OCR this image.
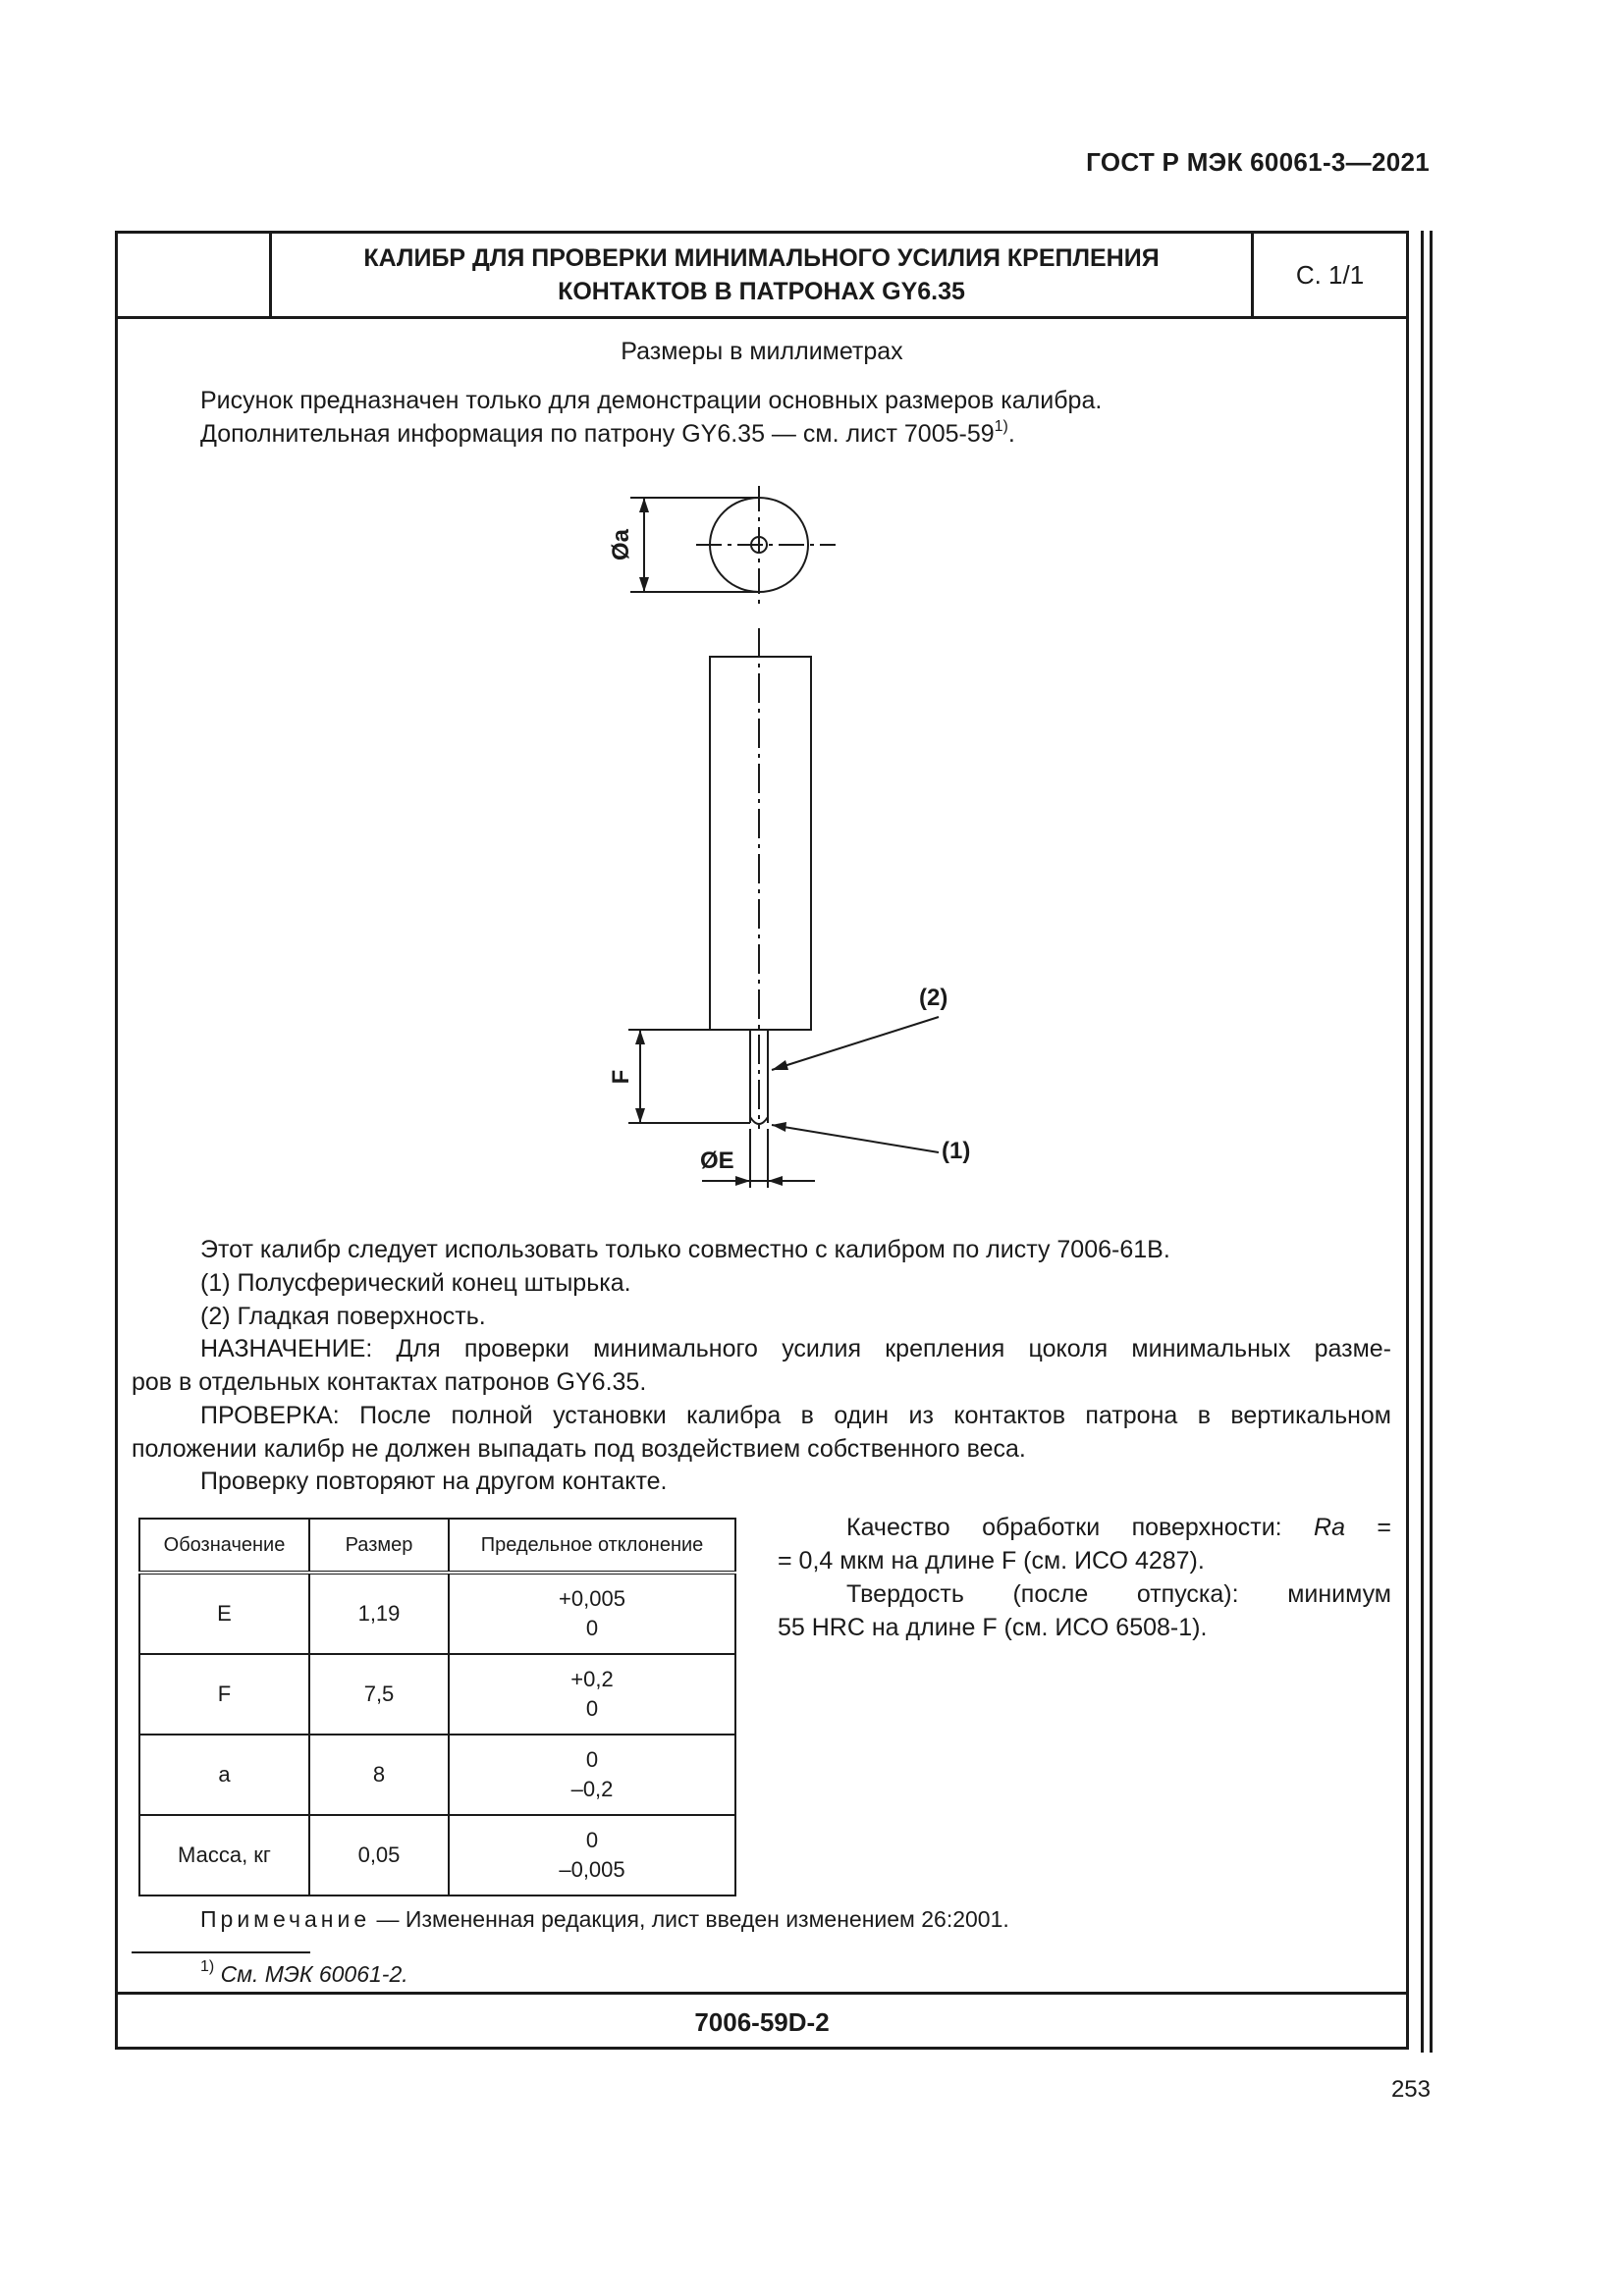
ГОСТ Р МЭК 60061-3—2021
КАЛИБР ДЛЯ ПРОВЕРКИ МИНИМАЛЬНОГО УСИЛИЯ КРЕПЛЕНИЯ
КОНТАКТОВ В ПАТРОНАХ GY6.35
С. 1/1
Размеры в миллиметрах
Рисунок предназначен только для демонстрации основных размеров калибра.
Дополнительная информация по патрону GY6.35 — см. лист 7005-59$^{1)}$.
Øa
F
ØE
(2)
(1)
Этот калибр следует использовать только совместно с калибром по листу 7006-61B.
(1) Полусферический конец штырька.
(2) Гладкая поверхность.
НАЗНАЧЕНИЕ: Для проверки минимального усилия крепления цоколя минимальных разме-
ров в отдельных контактах патронов GY6.35.
ПРОВЕРКА: После полной установки калибра в один из контактов патрона в вертикальном
положении калибр не должен выпадать под воздействием собственного веса.
Проверку повторяют на другом контакте.
Обозначение	Размер	Предельное отклонение
E	1,19	+0,005
0

F	7,5	+0,2
0

a	8	0
–0,2

Масса, кг	0,05	0
–0,005
Качество обработки поверхности: Ra =
= 0,4 мкм на длине F (см. ИСО 4287).
Твердость (после отпуска): минимум
55 HRC на длине F (см. ИСО 6508-1).
Примечание — Измененная редакция, лист введен изменением 26:2001.
$^{1)}$ См. МЭК 60061-2.
7006-59D-2
253
